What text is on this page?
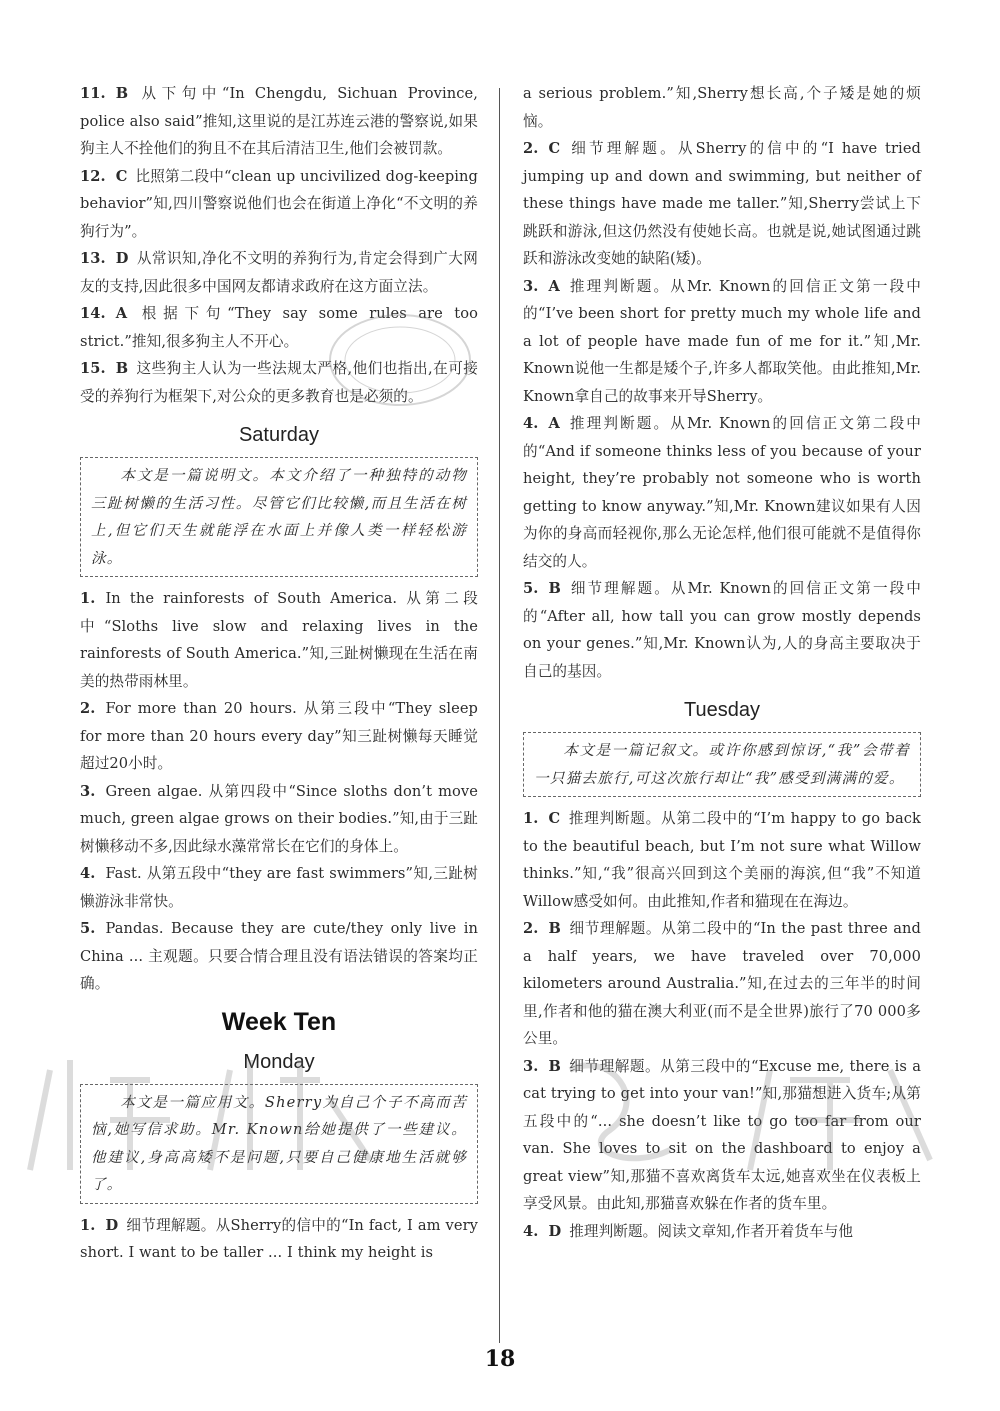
11. B 从下句中“In Chengdu, Sichuan Province, police also said”推知,这里说的是江苏连云港的警察说,如果狗主人不拴他们的狗且不在其后清洁卫生,他们会被罚款。

12. C 比照第二段中“clean up uncivilized dog-keeping behavior”知,四川警察说他们也会在街道上净化“不文明的养狗行为”。

13. D 从常识知,净化不文明的养狗行为,肯定会得到广大网友的支持,因此很多中国网友都请求政府在这方面立法。

14. A 根据下句“They say some rules are too strict.”推知,很多狗主人不开心。

15. B 这些狗主人认为一些法规太严格,他们也指出,在可接受的养狗行为框架下,对公众的更多教育也是必须的。

Saturday

本文是一篇说明文。本文介绍了一种独特的动物三趾树懒的生活习性。尽管它们比较懒,而且生活在树上,但它们天生就能浮在水面上并像人类一样轻松游泳。

1. In the rainforests of South America. 从第二段中“Sloths live slow and relaxing lives in the rainforests of South America.”知,三趾树懒现在生活在南美的热带雨林里。

2. For more than 20 hours. 从第三段中“They sleep for more than 20 hours every day”知三趾树懒每天睡觉超过20小时。

3. Green algae. 从第四段中“Since sloths don’t move much, green algae grows on their bodies.”知,由于三趾树懒移动不多,因此绿水藻常常长在它们的身体上。

4. Fast. 从第五段中“they are fast swimmers”知,三趾树懒游泳非常快。

5. Pandas. Because they are cute/they only live in China ... 主观题。只要合情合理且没有语法错误的答案均正确。

Week Ten
Monday

本文是一篇应用文。Sherry为自己个子不高而苦恼,她写信求助。Mr. Known给她提供了一些建议。他建议,身高高矮不是问题,只要自己健康地生活就够了。

1. D 细节理解题。从Sherry的信中的“In fact, I am very short. I want to be taller ... I think my height is

a serious problem.”知,Sherry想长高,个子矮是她的烦恼。

2. C 细节理解题。从Sherry的信中的“I have tried jumping up and down and swimming, but neither of these things have made me taller.”知,Sherry尝试上下跳跃和游泳,但这仍然没有使她长高。也就是说,她试图通过跳跃和游泳改变她的缺陷(矮)。

3. A 推理判断题。从Mr. Known的回信正文第一段中的“I’ve been short for pretty much my whole life and a lot of people have made fun of me for it.”知,Mr. Known说他一生都是矮个子,许多人都取笑他。由此推知,Mr. Known拿自己的故事来开导Sherry。

4. A 推理判断题。从Mr. Known的回信正文第二段中的“And if someone thinks less of you because of your height, they’re probably not someone who is worth getting to know anyway.”知,Mr. Known建议如果有人因为你的身高而轻视你,那么无论怎样,他们很可能就不是值得你结交的人。

5. B 细节理解题。从Mr. Known的回信正文第一段中的“After all, how tall you can grow mostly depends on your genes.”知,Mr. Known认为,人的身高主要取决于自己的基因。

Tuesday

本文是一篇记叙文。或许你感到惊讶,“我”会带着一只猫去旅行,可这次旅行却让“我”感受到满满的爱。

1. C 推理判断题。从第二段中的“I’m happy to go back to the beautiful beach, but I’m not sure what Willow thinks.”知,“我”很高兴回到这个美丽的海滨,但“我”不知道Willow感受如何。由此推知,作者和猫现在在海边。

2. B 细节理解题。从第二段中的“In the past three and a half years, we have traveled over 70,000 kilometers around Australia.”知,在过去的三年半的时间里,作者和他的猫在澳大利亚(而不是全世界)旅行了70 000多公里。

3. B 细节理解题。从第三段中的“Excuse me, there is a cat trying to get into your van!”知,那猫想进入货车;从第五段中的“... she doesn’t like to go too far from our van. She loves to sit on the dashboard to enjoy a great view”知,那猫不喜欢离货车太远,她喜欢坐在仪表板上享受风景。由此知,那猫喜欢躲在作者的货车里。

4. D 推理判断题。阅读文章知,作者开着货车与他

18
